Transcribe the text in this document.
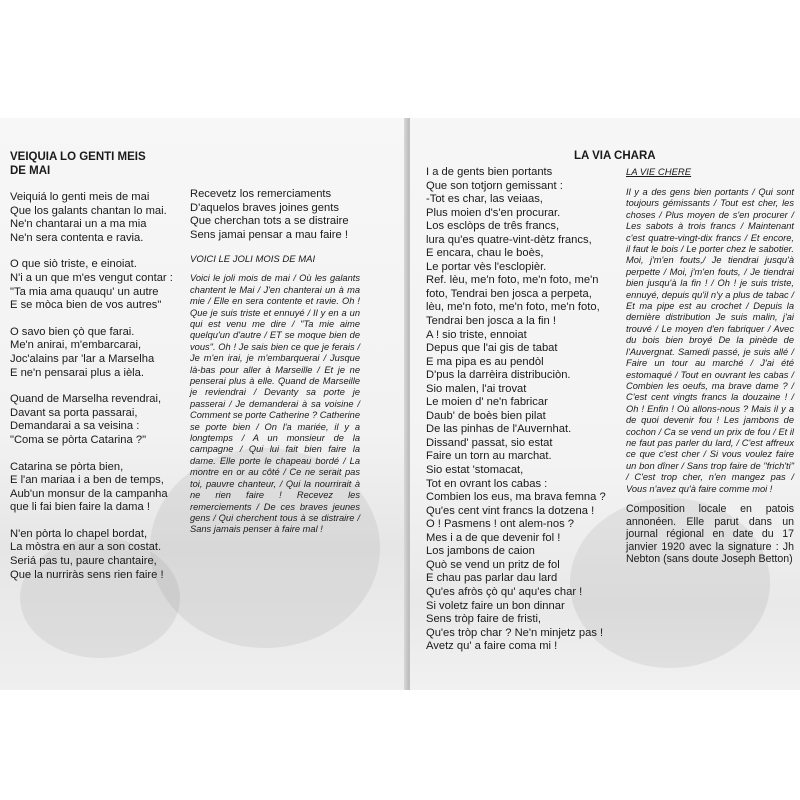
VEIQUIA LO GENTI MEIS
DE MAI
Veiquiá lo genti meis de mai
Que los galants chantan lo mai.
Ne'n chantarai un a ma mia
Ne'n sera contenta e ravia.
O que siò triste, e einoiat.
N'i a un que m'es vengut contar :
"Ta mia ama quauqu' un autre
E se mòca bien de vos autres"
O savo bien çò que farai.
Me'n anirai, m'embarcarai,
Joc'alains par 'lar a Marselha
E ne'n pensarai plus a ièla.
Quand de Marselha revendrai,
Davant sa porta passarai,
Demandarai a sa veisina :
"Coma se pòrta Catarina ?"
Catarina se pòrta bien,
E l'an mariaa i a ben de temps,
Aub'un monsur de la campanha
que li fai bien faire la dama !
N'en pòrta lo chapel bordat,
La mòstra en aur a son costat.
Seriá pas tu, paure chantaire,
Que la nurriràs sens rien faire !
Recevetz los remerciaments
D'aquelos braves joines gents
Que cherchan tots a se distraire
Sens jamai pensar a mau faire !
VOICI LE JOLI MOIS DE MAI
Voici le joli mois de mai / Où les galants chantent le Mai / J'en chanterai un à ma mie / Elle en sera contente et ravie. Oh ! Que je suis triste et ennuyé / Il y en a un qui est venu me dire / "Ta mie aime quelqu'un d'autre / ET se moque bien de vous". Oh ! Je sais bien ce que je ferais / Je m'en irai, je m'embarquerai / Jusque là-bas pour aller à Marseille / Et je ne penserai plus à elle. Quand de Marseille je reviendrai / Devanty sa porte je passerai / Je demanderai à sa voisine / Comment se porte Catherine ? Catherine se porte bien / On l'a mariée, il y a longtemps / A un monsieur de la campagne / Qui lui fait bien faire la dame. Elle porte le chapeau bordé / La montre en or au côté / Ce ne serait pas toi, pauvre chanteur, / Qui la nourrirait à ne rien faire ! Recevez les remerciements / De ces braves jeunes gens / Qui cherchent tous à se distraire / Sans jamais penser à faire mal !
I a de gents bien portants
Que son totjorn gemissant :
-Tot es char, las veiaas,
Plus moien d's'en procurar.
Los esclòps de três francs,
lura qu'es quatre-vint-dètz francs,
E encara, chau le boès,
Le portar vès l'esclopièr.
Ref. lèu, me'n foto, me'n foto, me'n
foto, Tendrai ben josca a perpeta,
lèu, me'n foto, me'n foto, me'n foto,
Tendrai ben josca a la fin !
A ! sio triste, ennoiat
Depus que l'ai gis de tabat
E ma pipa es au pendòl
D'pus la darrèira distribuciòn.
Sio malen, l'ai trovat
Le moien d' ne'n fabricar
Daub' de boès bien pilat
De las pinhas de l'Auvernhat.
Dissand' passat, sio estat
Faire un torn au marchat.
Sio estat 'stomacat,
Tot en ovrant los cabas :
Combien los eus, ma brava femna ?
Qu'es cent vint francs la dotzena !
O ! Pasmens ! ont alem-nos ?
Mes i a de que devenir fol !
Los jambons de caion
Quò se vend un pritz de fol
E chau pas parlar dau lard
Qu'es afròs çò qu' aqu'es char !
Si voletz faire un bon dinnar
Sens tròp faire de fristi,
Qu'es tròp char ? Ne'n minjetz pas !
Avetz qu' a faire coma mi !
LA VIA CHARA
LA VIE CHERE
Il y a des gens bien portants / Qui sont toujours gémissants / Tout est cher, les choses / Plus moyen de s'en procurer / Les sabots à trois francs / Maintenant c'est quatre-vingt-dix francs / Et encore, il faut le bois / Le porter chez le sabotier. Moi, j'm'en fouts,/ Je tiendrai jusqu'à perpette / Moi, j'm'en fouts, / Je tiendrai bien jusqu'à la fin ! / Oh ! je suis triste, ennuyé, depuis qu'il n'y a plus de tabac / Et ma pipe est au crochet / Depuis la dernière distribution Je suis malin, j'ai trouvé / Le moyen d'en fabriquer / Avec du bois bien broyé De la pinède de l'Auvergnat. Samedi passé, je suis allé / Faire un tour au marché / J'ai été estomaqué / Tout en ouvrant les cabas / Combien les oeufs, ma brave dame ? / C'est cent vingts francs la douzaine ! / Oh ! Enfin ! Où allons-nous ? Mais il y a de quoi devenir fou ! Les jambons de cochon / Ca se vend un prix de fou / Et il ne faut pas parler du lard, / C'est affreux ce que c'est cher / Si vous voulez faire un bon dîner / Sans trop faire de "frich'ti" / C'est trop cher, n'en mangez pas / Vous n'avez qu'à faire comme moi !
Composition locale en patois annonéen. Elle parut dans un journal régional en date du 17 janvier 1920 avec la signature : Jh Nebton (sans doute Joseph Betton)
